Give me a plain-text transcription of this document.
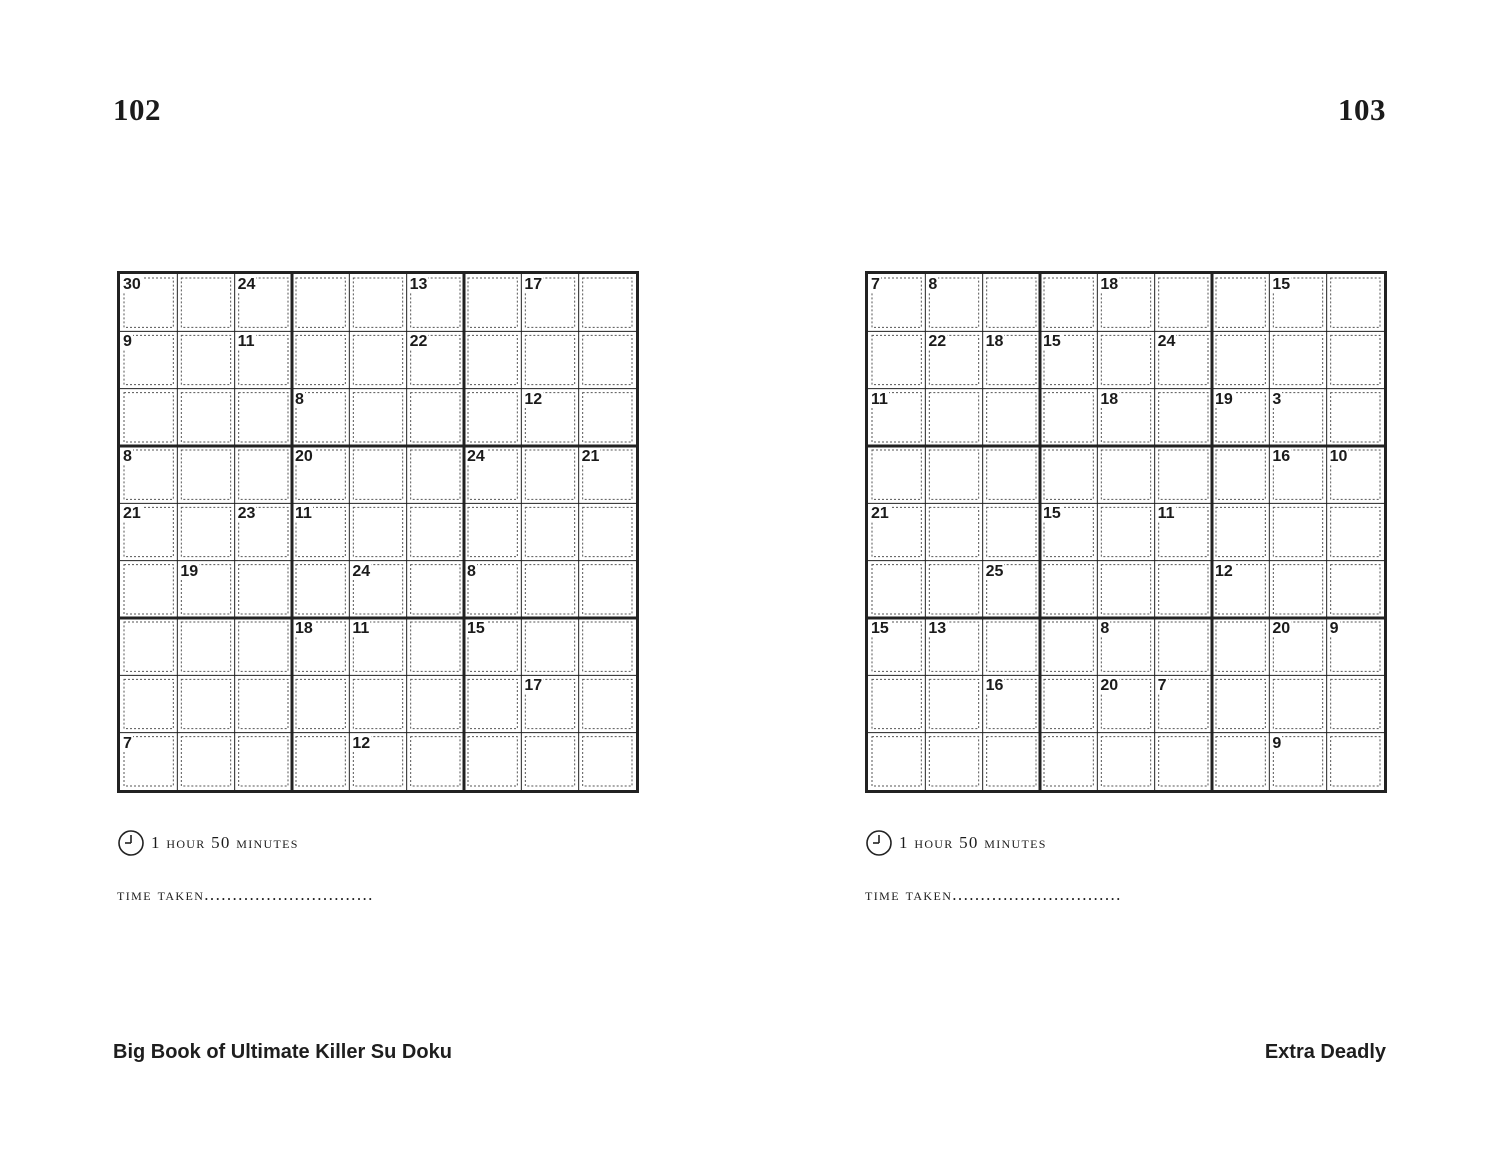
102
30	24	13	17
9	11	22
8	12
8	20	24	21
21	23 11
19	24	8
18 11	15
17
7	12
1 hour 50 minutes
time taken..............................
Big Book of Ultimate Killer Su Doku
103
7	8	18	15
22 18 15	24
11	18	19 3
16 10
21	15	11
25	12
15 13	8	20 9
16	20 7
9
1 hour 50 minutes
time taken..............................
Extra Deadly
